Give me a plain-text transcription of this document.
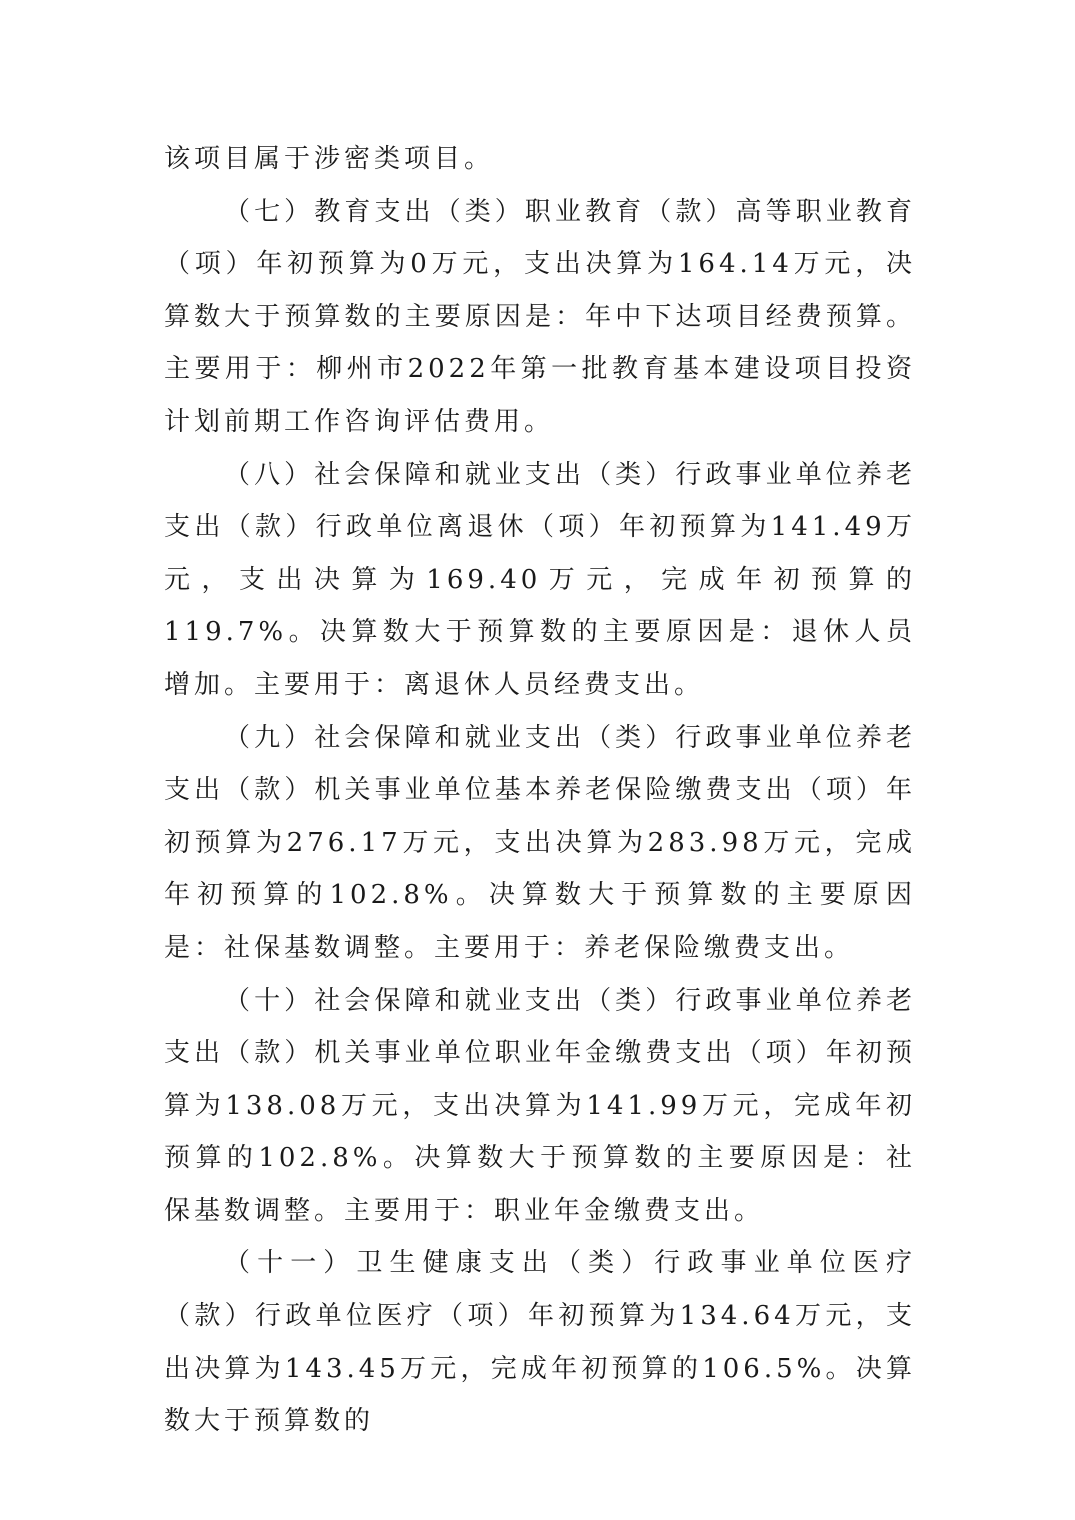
该项目属于涉密类项目。

（七）教育支出（类）职业教育（款）高等职业教育（项）年初预算为0万元，支出决算为164.14万元，决算数大于预算数的主要原因是：年中下达项目经费预算。主要用于：柳州市2022年第一批教育基本建设项目投资计划前期工作咨询评估费用。

（八）社会保障和就业支出（类）行政事业单位养老支出（款）行政单位离退休（项）年初预算为141.49万元，支出决算为169.40万元，完成年初预算的119.7%。决算数大于预算数的主要原因是：退休人员增加。主要用于：离退休人员经费支出。

（九）社会保障和就业支出（类）行政事业单位养老支出（款）机关事业单位基本养老保险缴费支出（项）年初预算为276.17万元，支出决算为283.98万元，完成年初预算的102.8%。决算数大于预算数的主要原因是：社保基数调整。主要用于：养老保险缴费支出。

（十）社会保障和就业支出（类）行政事业单位养老支出（款）机关事业单位职业年金缴费支出（项）年初预算为138.08万元，支出决算为141.99万元，完成年初预算的102.8%。决算数大于预算数的主要原因是：社保基数调整。主要用于：职业年金缴费支出。

（十一）卫生健康支出（类）行政事业单位医疗（款）行政单位医疗（项）年初预算为134.64万元，支出决算为143.45万元，完成年初预算的106.5%。决算数大于预算数的
